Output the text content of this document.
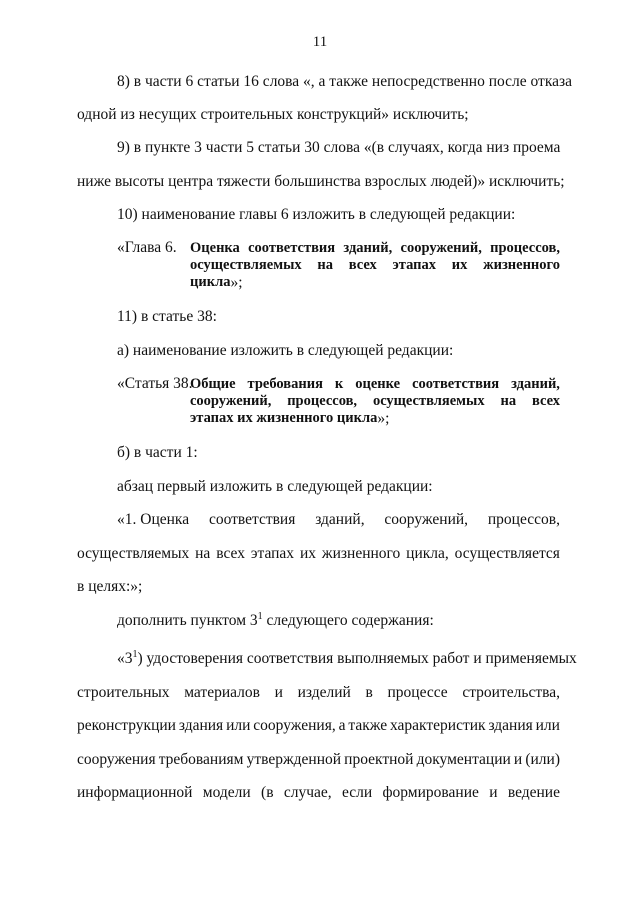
11
8) в части 6 статьи 16 слова «, а также непосредственно после отказа
одной из несущих строительных конструкций» исключить;
9) в пункте 3 части 5 статьи 30 слова «(в случаях, когда низ проема
ниже высоты центра тяжести большинства взрослых людей)» исключить;
10) наименование главы 6 изложить в следующей редакции:
«Глава 6. Оценка соответствия зданий, сооружений, процессов,
осуществляемых на всех этапах их жизненного
цикла »;
11) в статье 38:
а) наименование изложить в следующей редакции:
«Статья 38.
Общие требования к оценке соответствия зданий,
сооружений, процессов, осуществляемых на всех
этапах их жизненного цикла »;
б) в части 1:
абзац первый изложить в следующей редакции:
«1. Оценка соответствия зданий, сооружений, процессов,
осуществляемых на всех этапах их жизненного цикла, осуществляется
в целях:»;
дополнить пунктом $3^1$ следующего содержания:
«$3^1$) удостоверения соответствия выполняемых работ и применяемых
строительных материалов и изделий в процессе строительства,
реконструкции здания или сооружения, а также характеристик здания или
сооружения требованиям утвержденной проектной документации и (или)
информационной модели (в случае, если формирование и ведение
